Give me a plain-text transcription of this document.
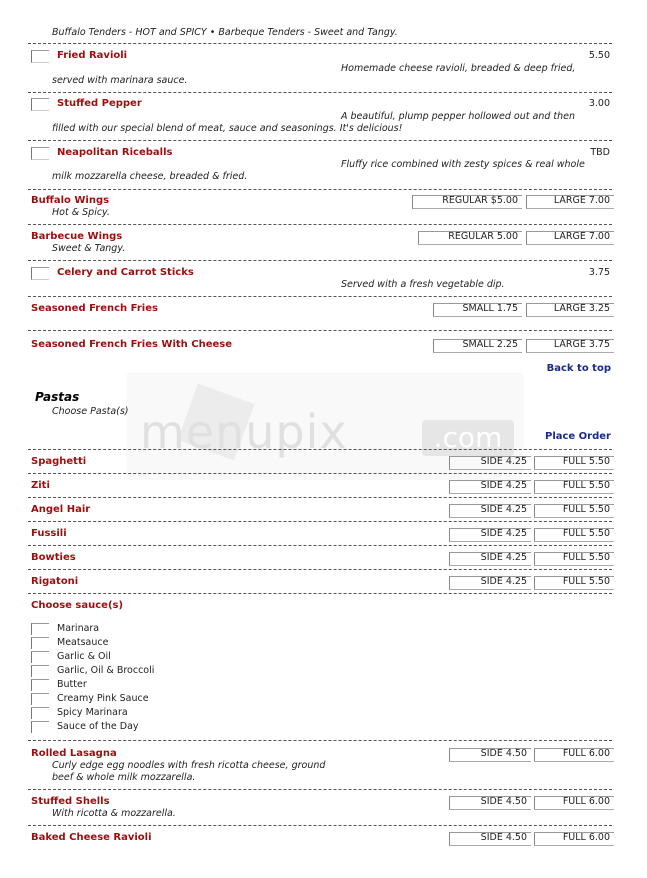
menupix	.com
Buffalo Tenders - HOT and SPICY • Barbeque Tenders - Sweet and Tangy.
Fried Ravioli	5.50
Homemade cheese ravioli, breaded & deep fried,
served with marinara sauce.
Stuffed Pepper	3.00
A beautiful, plump pepper hollowed out and then
filled with our special blend of meat, sauce and seasonings. It's delicious!
Neapolitan Riceballs	TBD
Fluffy rice combined with zesty spices & real whole
milk mozzarella cheese, breaded & fried.
Buffalo Wings	REGULAR $5.00	LARGE 7.00
Hot & Spicy.
Barbecue Wings	REGULAR 5.00	LARGE 7.00
Sweet & Tangy.
Celery and Carrot Sticks	3.75
Served with a fresh vegetable dip.
Seasoned French Fries	SMALL 1.75	LARGE 3.25
Seasoned French Fries With Cheese	SMALL 2.25	LARGE 3.75
Back to top
Pastas
Choose Pasta(s)
Place Order
Spaghetti	SIDE 4.25	FULL 5.50
Ziti	SIDE 4.25	FULL 5.50
Angel Hair	SIDE 4.25	FULL 5.50
Fussili	SIDE 4.25	FULL 5.50
Bowties	SIDE 4.25	FULL 5.50
Rigatoni	SIDE 4.25	FULL 5.50
Choose sauce(s)
Marinara
Meatsauce
Garlic & Oil
Garlic, Oil & Broccoli
Butter
Creamy Pink Sauce
Spicy Marinara
Sauce of the Day
Rolled Lasagna	SIDE 4.50	FULL 6.00
Curly edge egg noodles with fresh ricotta cheese, ground
beef & whole milk mozzarella.
Stuffed Shells	SIDE 4.50	FULL 6.00
With ricotta & mozzarella.
Baked Cheese Ravioli	SIDE 4.50	FULL 6.00
